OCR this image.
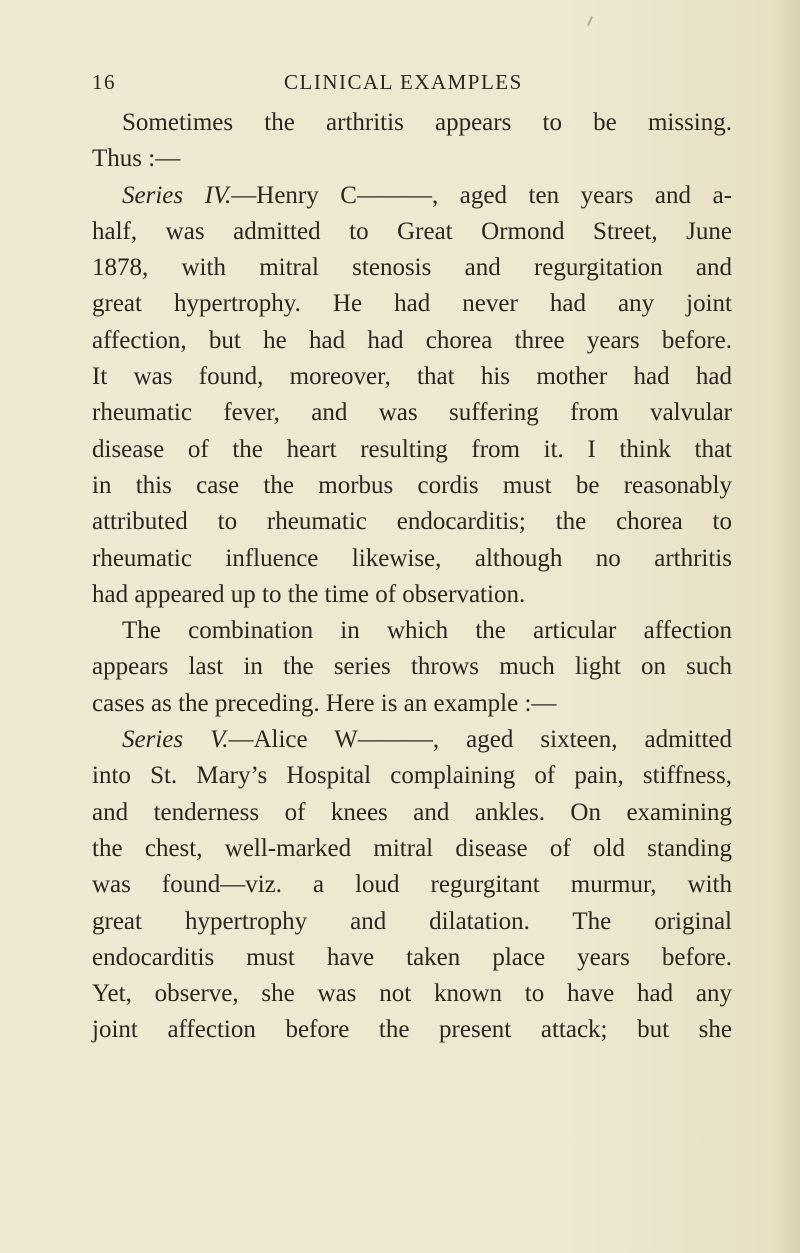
16	CLINICAL EXAMPLES
Sometimes the arthritis appears to be missing.
Thus :—
Series IV.—Henry C———, aged ten years and a-
half, was admitted to Great Ormond Street, June
1878, with mitral stenosis and regurgitation and
great hypertrophy. He had never had any joint
affection, but he had had chorea three years before.
It was found, moreover, that his mother had had
rheumatic fever, and was suffering from valvular
disease of the heart resulting from it. I think that
in this case the morbus cordis must be reasonably
attributed to rheumatic endocarditis; the chorea to
rheumatic influence likewise, although no arthritis
had appeared up to the time of observation.
The combination in which the articular affection
appears last in the series throws much light on such
cases as the preceding. Here is an example :—
Series V.—Alice W———, aged sixteen, admitted
into St. Mary’s Hospital complaining of pain, stiffness,
and tenderness of knees and ankles. On examining
the chest, well-marked mitral disease of old standing
was found—viz. a loud regurgitant murmur, with
great hypertrophy and dilatation. The original
endocarditis must have taken place years before.
Yet, observe, she was not known to have had any
joint affection before the present attack; but she
